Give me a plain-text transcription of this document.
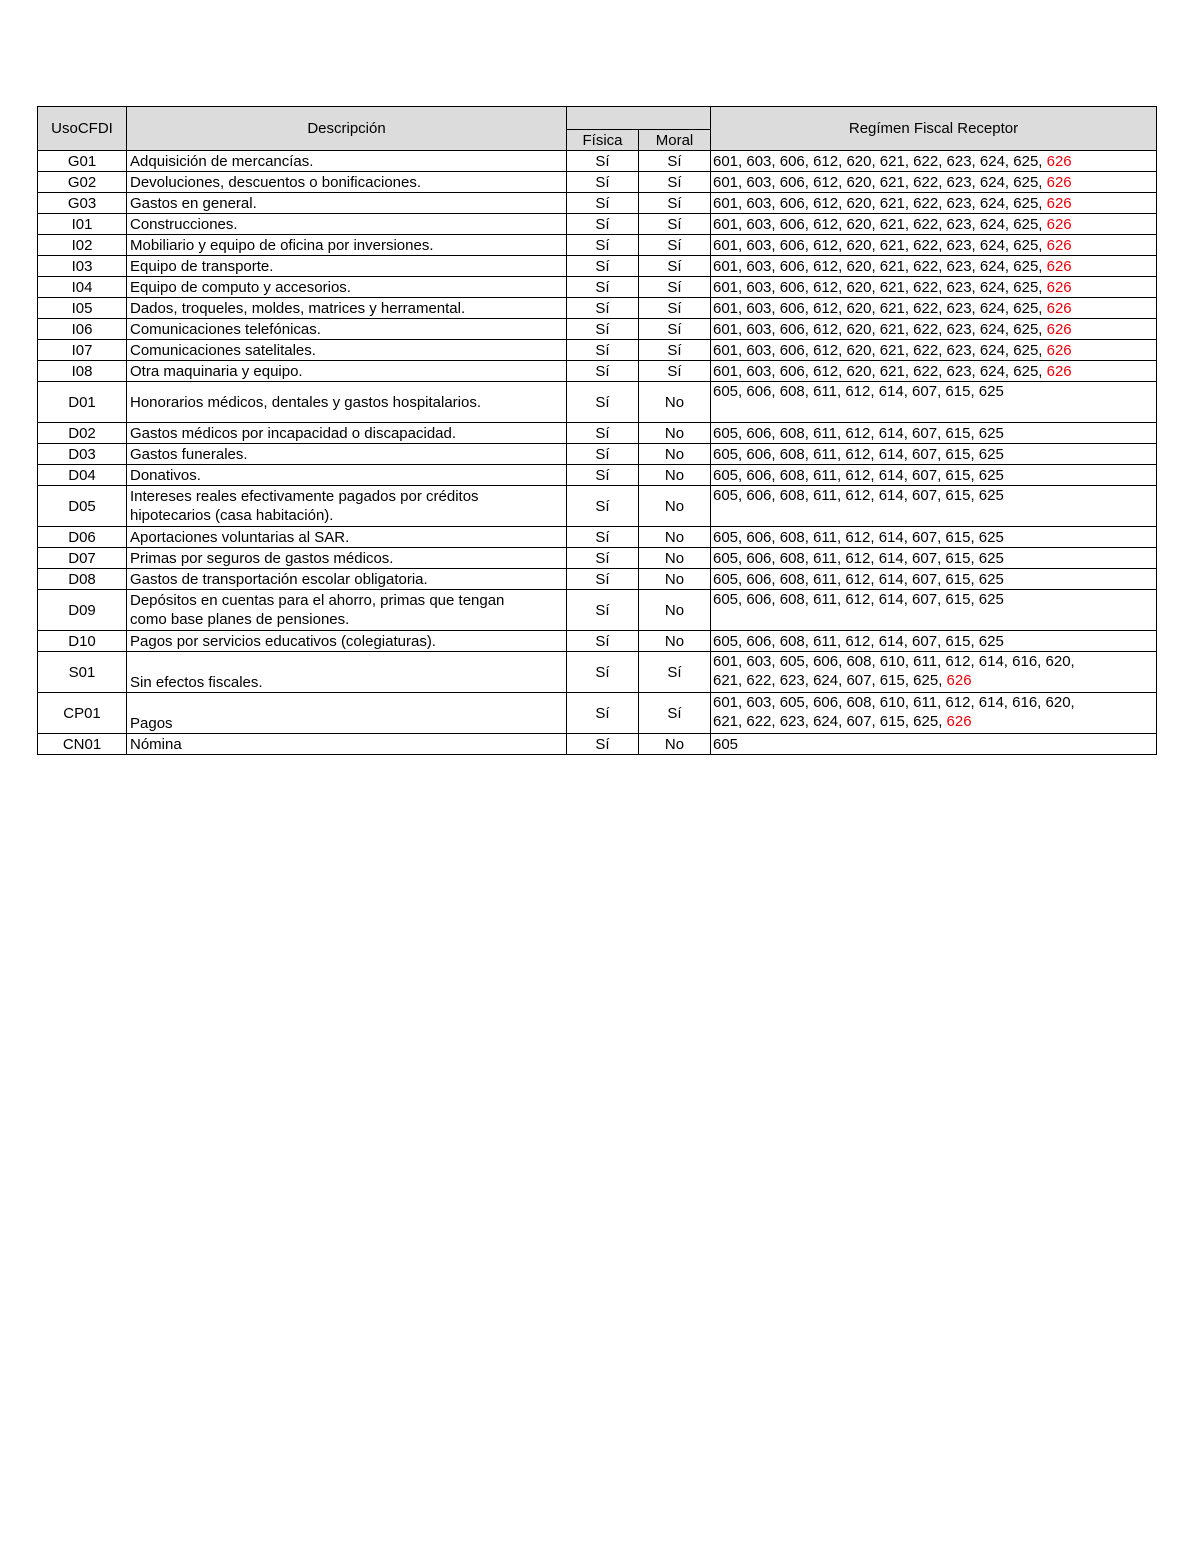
UsoCFDI	Descripción			Regímen Fiscal Receptor
		Física	Moral	
G01	Adquisición de mercancías.	Sí	Sí	601, 603, 606, 612, 620, 621, 622, 623, 624, 625, 626
G02	Devoluciones, descuentos o bonificaciones.	Sí	Sí	601, 603, 606, 612, 620, 621, 622, 623, 624, 625, 626
G03	Gastos en general.	Sí	Sí	601, 603, 606, 612, 620, 621, 622, 623, 624, 625, 626
I01	Construcciones.	Sí	Sí	601, 603, 606, 612, 620, 621, 622, 623, 624, 625, 626
I02	Mobiliario y equipo de oficina por inversiones.	Sí	Sí	601, 603, 606, 612, 620, 621, 622, 623, 624, 625, 626
I03	Equipo de transporte.	Sí	Sí	601, 603, 606, 612, 620, 621, 622, 623, 624, 625, 626
I04	Equipo de computo y accesorios.	Sí	Sí	601, 603, 606, 612, 620, 621, 622, 623, 624, 625, 626
I05	Dados, troqueles, moldes, matrices y herramental.	Sí	Sí	601, 603, 606, 612, 620, 621, 622, 623, 624, 625, 626
I06	Comunicaciones telefónicas.	Sí	Sí	601, 603, 606, 612, 620, 621, 622, 623, 624, 625, 626
I07	Comunicaciones satelitales.	Sí	Sí	601, 603, 606, 612, 620, 621, 622, 623, 624, 625, 626
I08	Otra maquinaria y equipo.	Sí	Sí	601, 603, 606, 612, 620, 621, 622, 623, 624, 625, 626
D01	Honorarios médicos, dentales y gastos hospitalarios.	Sí	No	605, 606, 608, 611, 612, 614, 607, 615, 625
D02	Gastos médicos por incapacidad o discapacidad.	Sí	No	605, 606, 608, 611, 612, 614, 607, 615, 625
D03	Gastos funerales.	Sí	No	605, 606, 608, 611, 612, 614, 607, 615, 625
D04	Donativos.	Sí	No	605, 606, 608, 611, 612, 614, 607, 615, 625
D05	Intereses reales efectivamente pagados por créditos
hipotecarios (casa habitación).	Sí	No	605, 606, 608, 611, 612, 614, 607, 615, 625
D06	Aportaciones voluntarias al SAR.	Sí	No	605, 606, 608, 611, 612, 614, 607, 615, 625
D07	Primas por seguros de gastos médicos.	Sí	No	605, 606, 608, 611, 612, 614, 607, 615, 625
D08	Gastos de transportación escolar obligatoria.	Sí	No	605, 606, 608, 611, 612, 614, 607, 615, 625
D09	Depósitos en cuentas para el ahorro, primas que tengan
como base planes de pensiones.	Sí	No	605, 606, 608, 611, 612, 614, 607, 615, 625
D10	Pagos por servicios educativos (colegiaturas).	Sí	No	605, 606, 608, 611, 612, 614, 607, 615, 625
S01	Sin efectos fiscales.	Sí	Sí	601, 603, 605, 606, 608, 610, 611, 612, 614, 616, 620,
621, 622, 623, 624, 607, 615, 625, 626

CP01	Pagos	Sí	Sí	601, 603, 605, 606, 608, 610, 611, 612, 614, 616, 620,
621, 622, 623, 624, 607, 615, 625, 626

CN01	Nómina	Sí	No	605
